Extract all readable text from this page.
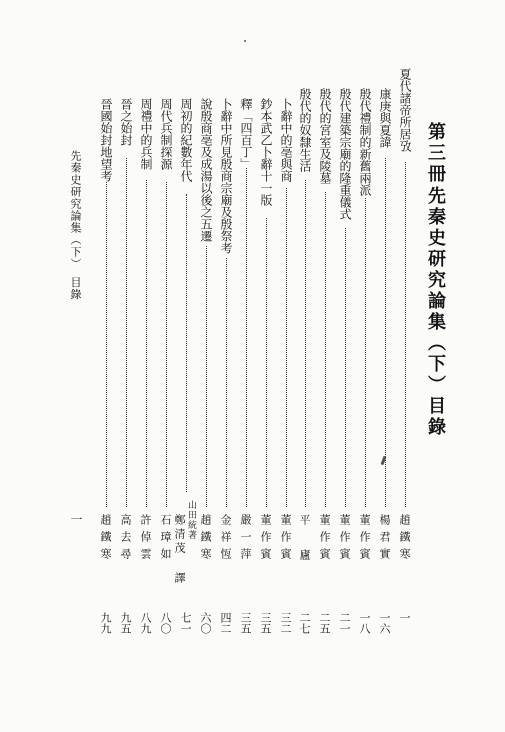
第三冊
先秦史研究論集（下）目錄
夏代諸帝所居攷
趙鐵寒
一
康庚與夏諱
楊君實
一六
殷代禮制的新舊兩派
董作賓
一八
殷代建築宗廟的隆重儀式
董作賓
二一
殷代的宮室及陵墓
董作賓
二五
殷代的奴隸生活
平廬
二七
卜辭中的亳與商
董作賓
三二
鈔本武乙卜辭十一版
董作賓
三五
釋「四百丁」
嚴一萍
三五
卜辭中所見殷商宗廟及殷祭考
金祥恆
四二
說殷商亳及成湯以後之五遷
趙鐵寒
六〇
周初的紀數年代
山田統著
鄭清茂 譯
七一
周代兵制探源
石璋如
八〇
周禮中的兵制
許倬雲
八九
晉之始封
高去尋
九五
晉國始封地望考
趙鐵寒
九九
先秦史研究論集（下）　目錄
一
